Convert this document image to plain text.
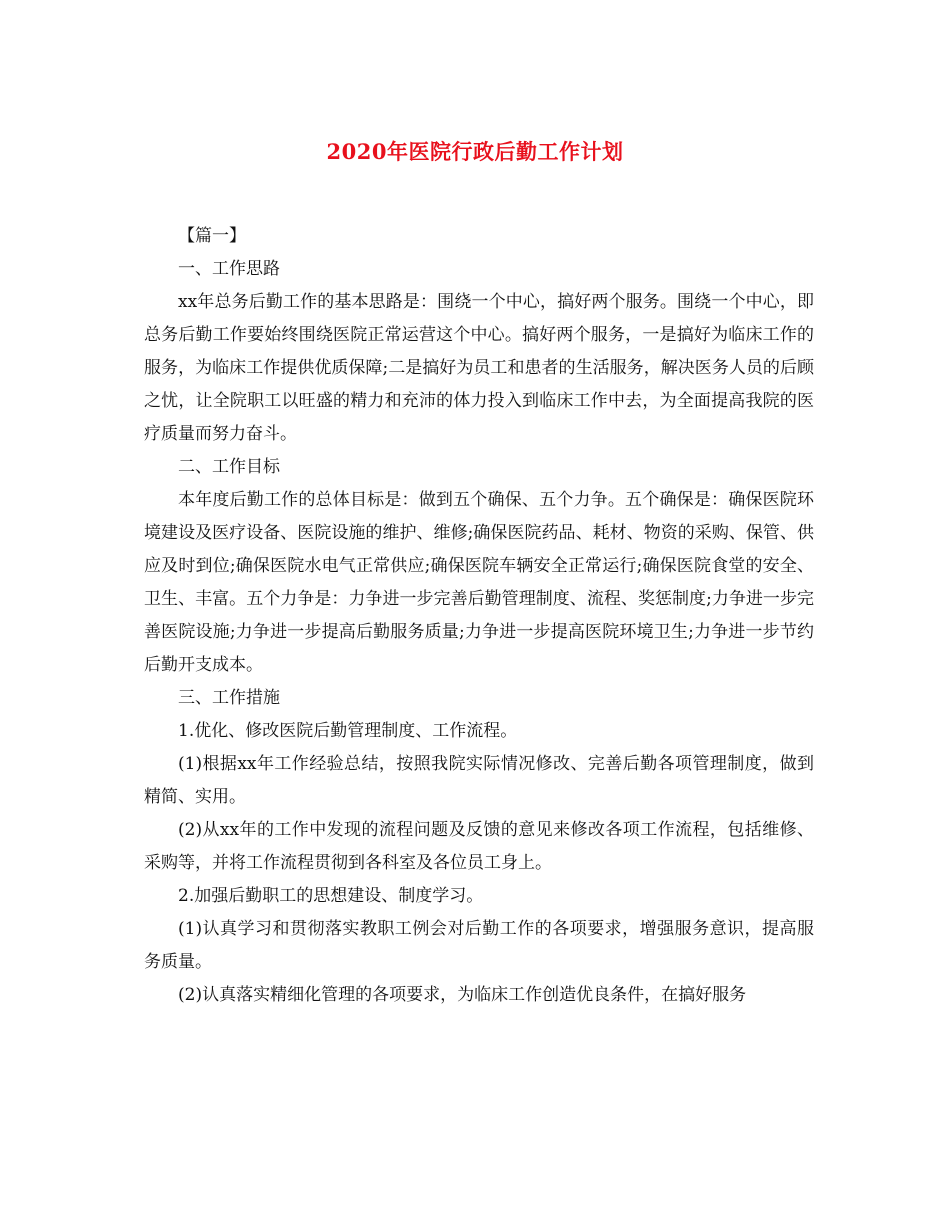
2020年医院行政后勤工作计划

【篇一】

一、工作思路

xx年总务后勤工作的基本思路是：围绕一个中心，搞好两个服务。围绕一个中心，即总务后勤工作要始终围绕医院正常运营这个中心。搞好两个服务，一是搞好为临床工作的服务，为临床工作提供优质保障;二是搞好为员工和患者的生活服务，解决医务人员的后顾之忧，让全院职工以旺盛的精力和充沛的体力投入到临床工作中去，为全面提高我院的医疗质量而努力奋斗。

二、工作目标

本年度后勤工作的总体目标是：做到五个确保、五个力争。五个确保是：确保医院环境建设及医疗设备、医院设施的维护、维修;确保医院药品、耗材、物资的采购、保管、供应及时到位;确保医院水电气正常供应;确保医院车辆安全正常运行;确保医院食堂的安全、卫生、丰富。五个力争是：力争进一步完善后勤管理制度、流程、奖惩制度;力争进一步完善医院设施;力争进一步提高后勤服务质量;力争进一步提高医院环境卫生;力争进一步节约后勤开支成本。

三、工作措施

1.优化、修改医院后勤管理制度、工作流程。

(1)根据xx年工作经验总结，按照我院实际情况修改、完善后勤各项管理制度，做到精简、实用。

(2)从xx年的工作中发现的流程问题及反馈的意见来修改各项工作流程，包括维修、采购等，并将工作流程贯彻到各科室及各位员工身上。

2.加强后勤职工的思想建设、制度学习。

(1)认真学习和贯彻落实教职工例会对后勤工作的各项要求，增强服务意识，提高服务质量。

(2)认真落实精细化管理的各项要求，为临床工作创造优良条件，在搞好服务
